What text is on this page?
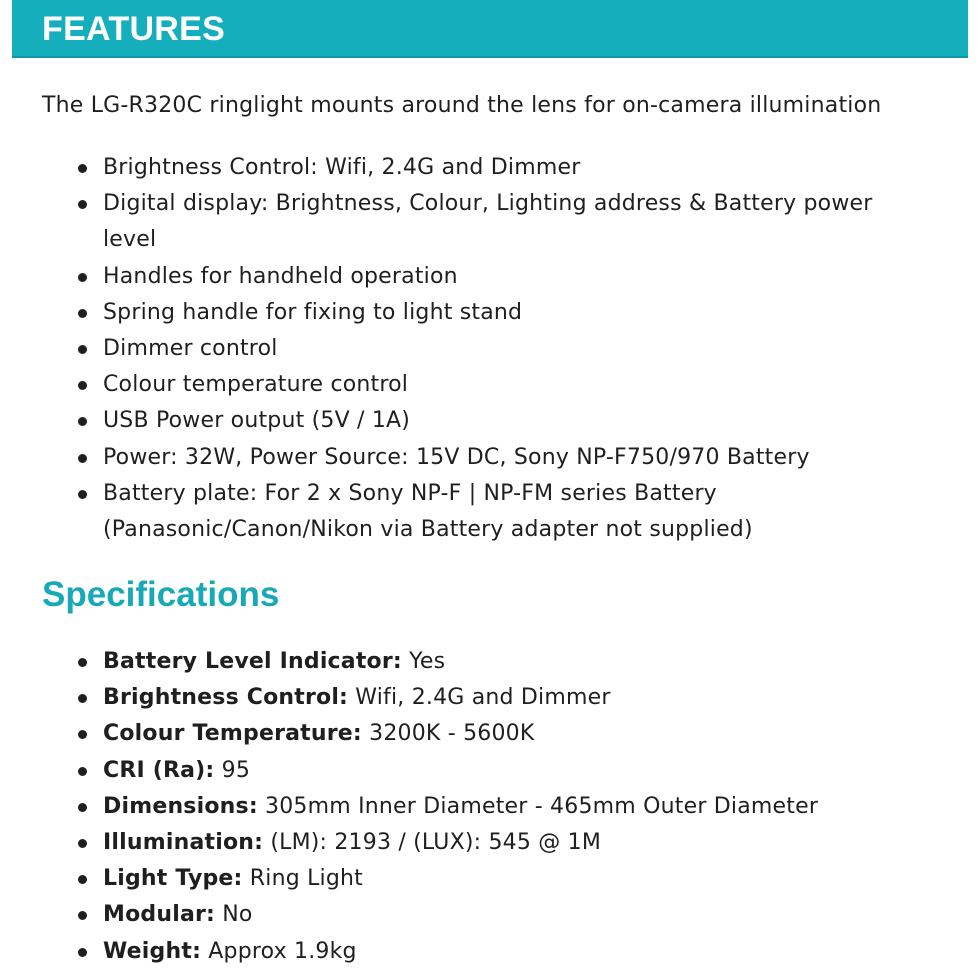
FEATURES

The LG-R320C ringlight mounts around the lens for on-camera illumination

Brightness Control: Wifi, 2.4G and Dimmer
Digital display: Brightness, Colour, Lighting address & Battery power level
Handles for handheld operation
Spring handle for fixing to light stand
Dimmer control
Colour temperature control
USB Power output (5V / 1A)
Power: 32W, Power Source: 15V DC, Sony NP-F750/970 Battery
Battery plate: For 2 x Sony NP-F | NP-FM series Battery (Panasonic/Canon/Nikon via Battery adapter not supplied)
Specifications
Battery Level Indicator: Yes
Brightness Control: Wifi, 2.4G and Dimmer
Colour Temperature: 3200K - 5600K
CRI (Ra): 95
Dimensions: 305mm Inner Diameter - 465mm Outer Diameter
Illumination: (LM): 2193 / (LUX): 545 @ 1M
Light Type: Ring Light
Modular: No
Weight: Approx 1.9kg
